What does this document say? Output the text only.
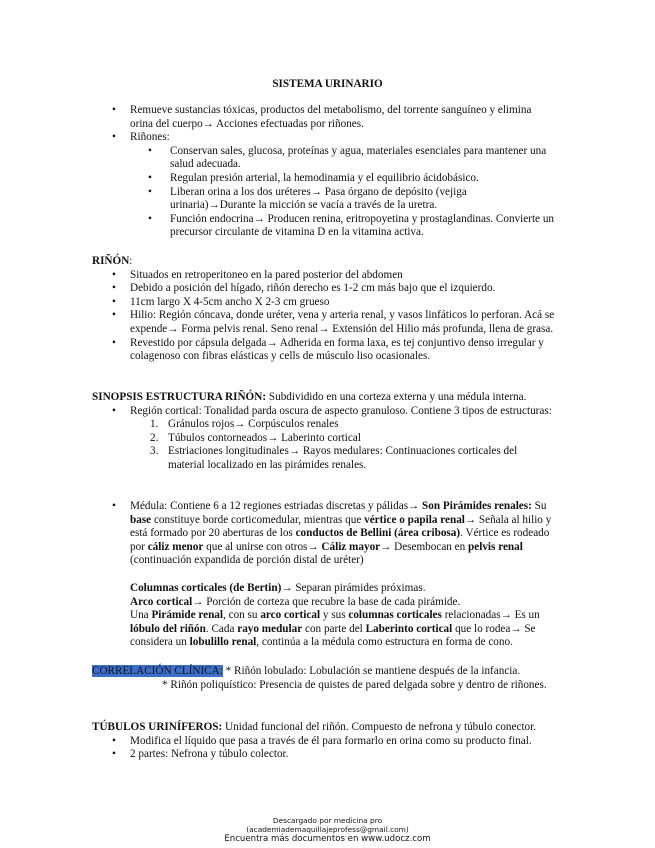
SISTEMA URINARIO
• Remueve sustancias tóxicas, productos del metabolismo, del torrente sanguíneo y elimina orina del cuerpo→ Acciones efectuadas por riñones.
• Riñones:
• Conservan sales, glucosa, proteínas y agua, materiales esenciales para mantener una salud adecuada.
• Regulan presión arterial, la hemodinamia y el equilibrio ácidobásico.
• Liberan orina a los dos uréteres→ Pasa órgano de depósito (vejiga urinaria)→Durante la micción se vacía a través de la uretra.
• Función endocrina→ Producen renina, eritropoyetina y prostaglandinas. Convierte un precursor circulante de vitamina D en la vitamina activa.
RIÑÓN:
• Situados en retroperitoneo en la pared posterior del abdomen
• Debido a posición del hígado, riñón derecho es 1-2 cm más bajo que el izquierdo.
• 11cm largo X 4-5cm ancho X 2-3 cm grueso
• Hilio: Región cóncava, donde uréter, vena y arteria renal, y vasos linfáticos lo perforan. Acá se expende→ Forma pelvis renal. Seno renal→ Extensión del Hilio más profunda, llena de grasa.
• Revestido por cápsula delgada→ Adherida en forma laxa, es tej conjuntivo denso irregular y colagenoso con fibras elásticas y cells de músculo liso ocasionales.
SINOPSIS ESTRUCTURA RIÑÓN: Subdividido en una corteza externa y una médula interna.
• Región cortical: Tonalidad parda oscura de aspecto granuloso. Contiene 3 tipos de estructuras:
1. Gránulos rojos→ Corpúsculos renales
2. Túbulos contorneados→ Laberinto cortical
3. Estriaciones longitudinales→ Rayos medulares: Continuaciones corticales del material localizado en las pirámides renales.
• Médula: Contiene 6 a 12 regiones estriadas discretas y pálidas→ Son Pirámides renales: Su base constituye borde corticomedular, mientras que vértice o papila renal→ Señala al hilio y está formado por 20 aberturas de los conductos de Bellini (área cribosa). Vértice es rodeado por cáliz menor que al unirse con otros→ Cáliz mayor→ Desembocan en pelvis renal (continuación expandida de porción distal de uréter)
Columnas corticales (de Bertin)→ Separan pirámides próximas.
Arco cortical→ Porción de corteza que recubre la base de cada pirámide.
Una Pirámide renal, con su arco cortical y sus columnas corticales relacionadas→ Es un lóbulo del riñón. Cada rayo medular con parte del Laberinto cortical que lo rodea→ Se considera un lobulillo renal, continúa a la médula como estructura en forma de cono.
CORRELACIÓN CLÍNICA: * Riñón lobulado: Lobulación se mantiene después de la infancia.
* Riñón poliquístico: Presencia de quistes de pared delgada sobre y dentro de riñones.
TÚBULOS URINÍFEROS: Unidad funcional del riñón. Compuesto de nefrona y túbulo conector.
• Modifica el líquido que pasa a través de él para formarlo en orina como su producto final.
• 2 partes: Nefrona y túbulo colector.
Descargado por medicina pro
(academiademaquillajeprofess@gmail.com)
Encuentra más documentos en www.udocz.com
